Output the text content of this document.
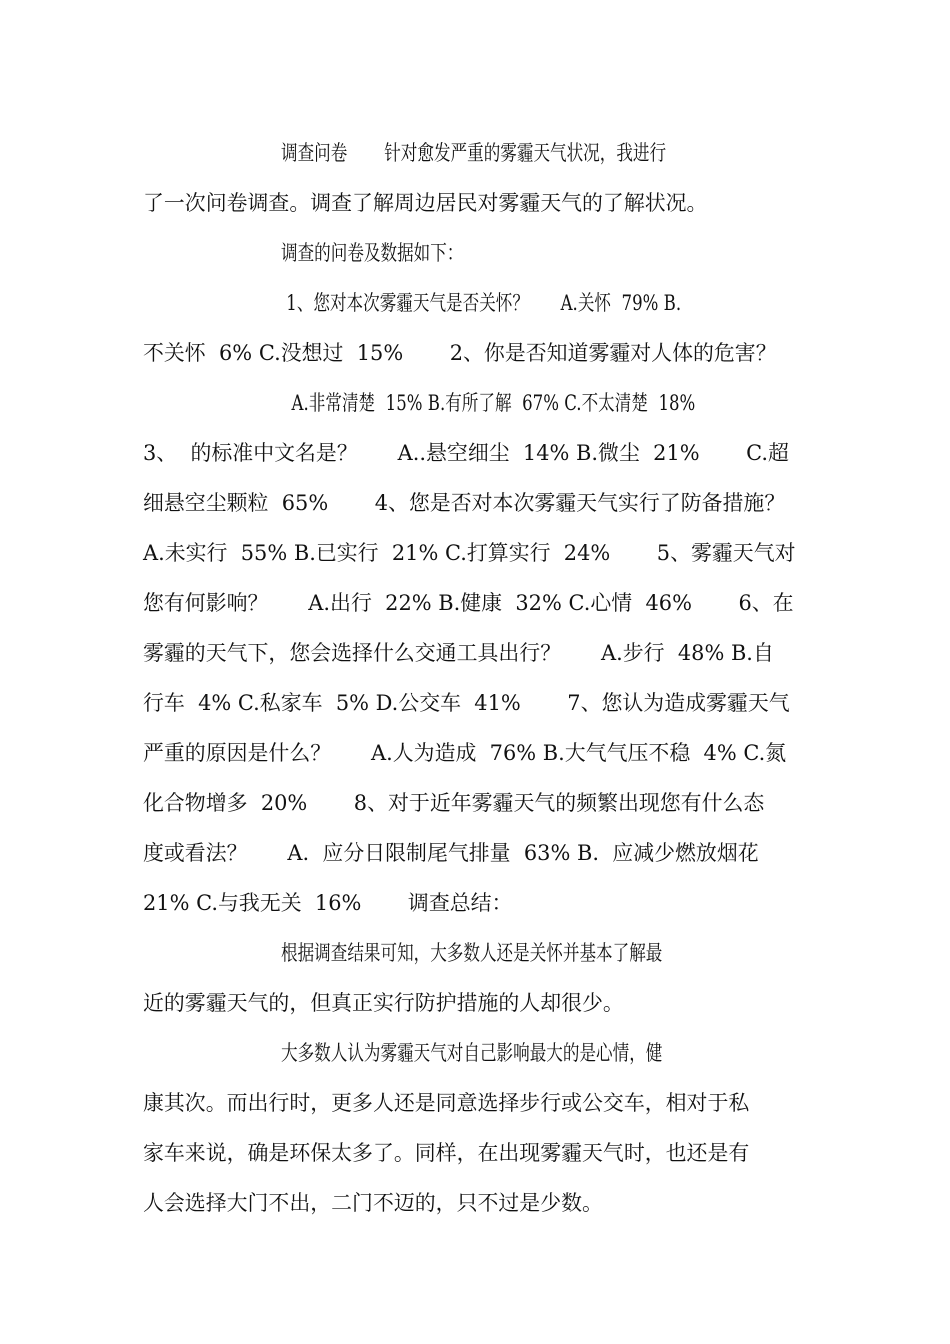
调查问卷       针对愈发严重的雾霾天气状况，我进行
了一次问卷调查。调查了解周边居民对雾霾天气的了解状况。
调查的问卷及数据如下：
1、您对本次雾霾天气是否关怀？      A.关怀  79% B.
不关怀  6% C.没想过  15%       2、你是否知道雾霾对人体的危害？
A.非常清楚  15% B.有所了解  67% C.不太清楚  18%
3、  的标准中文名是？      A..悬空细尘  14% B.微尘  21%       C.超
细悬空尘颗粒  65%       4、您是否对本次雾霾天气实行了防备措施？
A.未实行  55% B.已实行  21% C.打算实行  24%       5、雾霾天气对
您有何影响？      A.出行  22% B.健康  32% C.心情  46%       6、在
雾霾的天气下，您会选择什么交通工具出行？      A.步行  48% B.自
行车  4% C.私家车  5% D.公交车  41%       7、您认为造成雾霾天气
严重的原因是什么？      A.人为造成  76% B.大气气压不稳  4% C.氮
化合物增多  20%       8、对于近年雾霾天气的频繁出现您有什么态
度或看法？      A.  应分日限制尾气排量  63% B.  应减少燃放烟花
21% C.与我无关  16%       调查总结：
根据调查结果可知，大多数人还是关怀并基本了解最
近的雾霾天气的，但真正实行防护措施的人却很少。
大多数人认为雾霾天气对自己影响最大的是心情，健
康其次。而出行时，更多人还是同意选择步行或公交车，相对于私
家车来说，确是环保太多了。同样，在出现雾霾天气时，也还是有
人会选择大门不出，二门不迈的，只不过是少数。
